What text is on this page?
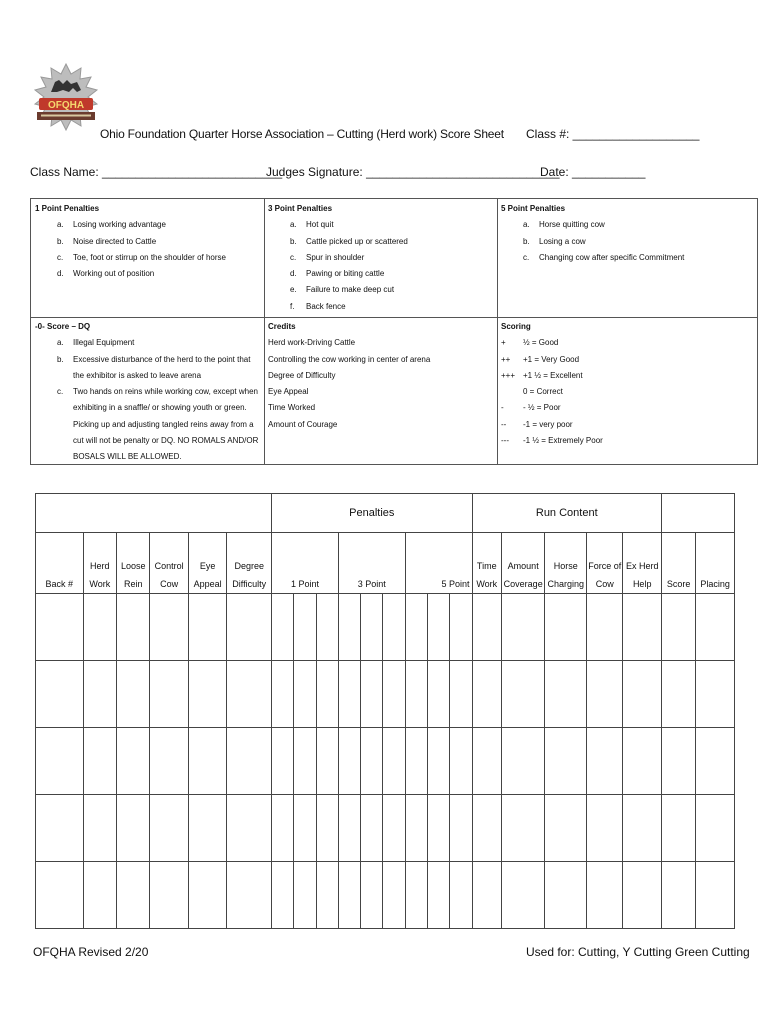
OFQHA
Ohio Foundation Quarter Horse Association – Cutting (Herd work) Score Sheet Class #: ___________________
Class Name: ___________________________
Judges Signature: _____________________________
Date: ___________
1 Point Penalties
a. Losing working advantage
b. Noise directed to Cattle
c. Toe, foot or stirrup on the shoulder of horse
d. Working out of position
3 Point Penalties
a. Hot quit
b. Cattle picked up or scattered
c. Spur in shoulder
d. Pawing or biting cattle
e. Failure to make deep cut
f. Back fence
5 Point Penalties
a. Horse quitting cow
b. Losing a cow
c. Changing cow after specific Commitment
-0- Score – DQ
a. Illegal Equipment
b. Excessive disturbance of the herd to the point that the exhibitor is asked to leave arena
c. Two hands on reins while working cow, except when exhibiting in a snaffle/ or showing youth or green. Picking up and adjusting tangled reins away from a cut will not be penalty or DQ. NO ROMALS AND/OR BOSALS WILL BE ALLOWED.
Credits
Herd work-Driving Cattle
Controlling the cow working in center of arena
Degree of Difficulty
Eye Appeal
Time Worked
Amount of Courage
Scoring
+ ½ = Good
++ +1 = Very Good
+++ +1 ½ = Excellent
0 = Correct
- - ½ = Poor
-- -1 = very poor
--- -1 ½ = Extremely Poor
						Penalties									Run Content						
Back #	Herd Work	Loose Rein	Control Cow	Eye Appeal	Degree Difficulty	1 Point			3 Point			5 Point			Time Work	Amount Coverage	Horse Charging	Force of Cow	Ex Herd Help	Score	Placing

OFQHA Revised 2/20	Used for: Cutting, Y Cutting Green Cutting
